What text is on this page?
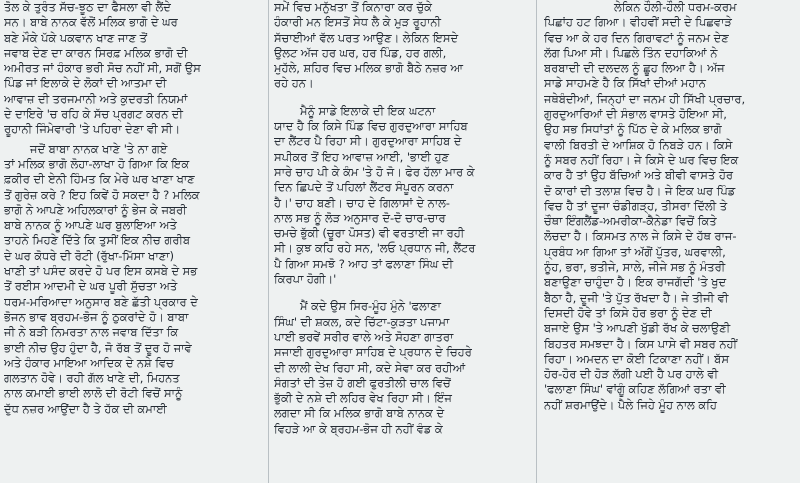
ਤੋਲ ਕੇ ਤੁਰੰਤ ਸੱਚ-ਝੂਠ ਦਾ ਫੈਸਲਾ ਵੀ ਲੈਂਦੇ
ਸਨ। ਬਾਬੇ ਨਾਨਕ ਵੱਲੋਂ ਮਲਿਕ ਭਾਗੋ ਦੇ ਘਰ
ਬਣੇ ਮੌਕੇ ਪੱਕੇ ਪਕਵਾਨ ਖਾਣ ਜਾਣ ਤੋਂ
ਜਵਾਬ ਦੇਣ ਦਾ ਕਾਰਨ ਸਿਰਫ਼ ਮਲਿਕ ਭਾਗੋ ਦੀ
ਅਮੀਰਤ ਜਾਂ ਹੰਕਾਰ ਭਰੀ ਸੋਚ ਨਹੀਂ ਸੀ, ਸਗੋਂ ਉਸ
ਪਿੰਡ ਜਾਂ ਇਲਾਕੇ ਦੇ ਲੋਕਾਂ ਦੀ ਆਤਮਾ ਦੀ
ਆਵਾਜ਼ ਦੀ ਤਰਜਮਾਨੀ ਅਤੇ ਕੁਦਰਤੀ ਨਿਯਮਾਂ
ਦੇ ਦਾਇਰੇ 'ਚ ਰਹਿ ਕੇ ਸੱਚ ਪ੍ਰਗਟ ਕਰਨ ਦੀ
ਰੂਹਾਨੀ ਜਿੰਮੇਵਾਰੀ 'ਤੇ ਪਹਿਰਾ ਦੇਣਾ ਵੀ ਸੀ।
ਜਦੋਂ ਬਾਬਾ ਨਾਨਕ ਖਾਣੇ 'ਤੇ ਨਾ ਗਏ
ਤਾਂ ਮਲਿਕ ਭਾਗੋ ਲੋਹਾ-ਲਾਖਾ ਹੋ ਗਿਆ ਕਿ ਇਕ
ਫ਼ਕੀਰ ਦੀ ਏਨੀ ਹਿੰਮਤ ਕਿ ਮੇਰੇ ਘਰ ਖਾਣਾ ਖਾਣ
ਤੋਂ ਗੁਰੇਜ਼ ਕਰੇ ? ਇਹ ਕਿਵੇਂ ਹੋ ਸਕਦਾ ਹੈ ? ਮਲਿਕ
ਭਾਗੋ ਨੇ ਆਪਣੇ ਅਹਿਲਕਾਰਾਂ ਨੂੰ ਭੇਜ ਕੇ ਜਬਰੀ
ਬਾਬੇ ਨਾਨਕ ਨੂੰ ਆਪਣੇ ਘਰ ਬੁਲਾਇਆ ਅਤੇ
ਤਾਹਨੇ ਮਿਹਣੇ ਦਿੱਤੇ ਕਿ ਤੁਸੀਂ ਇਕ ਨੀਚ ਗਰੀਬ
ਦੇ ਘਰ ਕੋਧਰੇ ਦੀ ਰੋਟੀ (ਰੁੱਖਾ-ਮਿੱਸਾ ਖਾਣਾ)
ਖਾਣੀ ਤਾਂ ਪਸੰਦ ਕਰਦੇ ਹੋ ਪਰ ਇਸ ਕਸਬੇ ਦੇ ਸਭ
ਤੋਂ ਰਈਸ ਆਦਮੀ ਦੇ ਘਰ ਪੂਰੀ ਸੁੱਚਤਾ ਅਤੇ
ਧਰਮ-ਮਰਿਆਦਾ ਅਨੁਸਾਰ ਬਣੇ ਛੱਤੀ ਪ੍ਰਕਾਰ ਦੇ
ਭੋਜਨ ਭਾਵ ਬ੍ਰਹਮ-ਭੋਜ ਨੂੰ ਠੁਕਰਾਂਦੇ ਹੋ। ਬਾਬਾ
ਜੀ ਨੇ ਬੜੀ ਨਿਮਰਤਾ ਨਾਲ ਜਵਾਬ ਦਿੱਤਾ ਕਿ
ਭਾਈ ਨੀਚ ਉਹ ਹੁੰਦਾ ਹੈ, ਜੋ ਰੱਬ ਤੋਂ ਦੂਰ ਹੋ ਜਾਵੇ
ਅਤੇ ਹੰਕਾਰ ਮਾਇਆ ਆਦਿਕ ਦੇ ਨਸ਼ੇ ਵਿਚ
ਗਲਤਾਨ ਹੋਵੇ। ਰਹੀ ਗੱਲ ਖਾਣੇ ਦੀ, ਮਿਹਨਤ
ਨਾਲ ਕਮਾਈ ਭਾਈ ਲਾਲੋ ਦੀ ਰੋਟੀ ਵਿਚੋਂ ਸਾਨੂੰ
ਦੁੱਧ ਨਜ਼ਰ ਆਉਂਦਾ ਹੈ ਤੇ ਹੱਕ ਦੀ ਕਮਾਈ
ਸਮੇਂ ਵਿਚ ਮਨੁੱਖਤਾ ਤੋਂ ਕਿਨਾਰਾ ਕਰ ਚੁੱਕੇ
ਹੰਕਾਰੀ ਮਨ ਇਸਤੋਂ ਸੇਧ ਲੈ ਕੇ ਮੁੜ ਰੂਹਾਨੀ
ਸੱਚਾਈਆਂ ਵੱਲ ਪਰਤ ਆਉਣ। ਲੇਕਿਨ ਇਸਦੇ
ਉਲਟ ਅੱਜ ਹਰ ਘਰ, ਹਰ ਪਿੰਡ, ਹਰ ਗਲੀ,
ਮੁਹੱਲੇ, ਸ਼ਹਿਰ ਵਿਚ ਮਲਿਕ ਭਾਗੋ ਬੈਠੇ ਨਜ਼ਰ ਆ
ਰਹੇ ਹਨ।
ਮੈਨੂੰ ਸਾਡੇ ਇਲਾਕੇ ਦੀ ਇਕ ਘਟਨਾ
ਯਾਦ ਹੈ ਕਿ ਕਿਸੇ ਪਿੰਡ ਵਿਚ ਗੁਰਦੁਆਰਾ ਸਾਹਿਬ
ਦਾ ਲੈਂਟਰ ਪੈ ਰਿਹਾ ਸੀ। ਗੁਰਦੁਆਰਾ ਸਾਹਿਬ ਦੇ
ਸਪੀਕਰ ਤੋਂ ਇਹ ਆਵਾਜ਼ ਆਈ, 'ਭਾਈ ਹੁਣ
ਸਾਰੇ ਚਾਹ ਪੀ ਕੇ ਕੰਮ 'ਤੇ ਹੋ ਜੋ। ਫੇਰ ਹੱਲਾ ਮਾਰ ਕੇ
ਦਿਨ ਛਿਪਦੇ ਤੋਂ ਪਹਿਲਾਂ ਲੈਂਟਰ ਸੰਪੂਰਨ ਕਰਨਾ
ਹੈ।' ਚਾਹ ਬਣੀ। ਚਾਹ ਦੇ ਗਿਲਾਸਾਂ ਦੇ ਨਾਲ-
ਨਾਲ ਸਭ ਨੂੰ ਲੋੜ ਅਨੁਸਾਰ ਦੋ-ਦੋ ਚਾਰ-ਚਾਰ
ਚਮਚੇ ਭੁੱਕੀ (ਚੂਰਾ ਪੋਸਤ) ਵੀ ਵਰਤਾਈ ਜਾ ਰਹੀ
ਸੀ। ਕੁਝ ਕਹਿ ਰਹੇ ਸਨ, 'ਲਓ ਪ੍ਰਧਾਨ ਜੀ, ਲੈਂਟਰ
ਪੈ ਗਿਆ ਸਮਝੋ ? ਆਹ ਤਾਂ ਫਲਾਣਾ ਸਿੰਘ ਦੀ
ਕਿਰਪਾ ਹੋਗੀ।'
ਮੈਂ ਕਦੇ ਉਸ ਸਿਰ-ਮੂੰਹ ਮੁੰਨੇ 'ਫਲਾਣਾ
ਸਿੰਘ' ਦੀ ਸ਼ਕਲ, ਕਦੇ ਚਿੱਟਾ-ਕੁੜਤਾ ਪਜਾਮਾ
ਪਾਈ ਭਰਵੇਂ ਸਰੀਰ ਵਾਲੇ ਅਤੇ ਸੋਹਣਾ ਗਾਤਰਾ
ਸਜਾਈ ਗੁਰਦੁਆਰਾ ਸਾਹਿਬ ਦੇ ਪ੍ਰਧਾਨ ਦੇ ਚਿਹਰੇ
ਦੀ ਲਾਲੀ ਦੇਖ ਰਿਹਾ ਸੀ, ਕਦੇ ਸੇਵਾ ਕਰ ਰਹੀਆਂ
ਸੰਗਤਾਂ ਦੀ ਤੇਜ਼ ਹੋ ਗਈ ਫੁਰਤੀਲੀ ਚਾਲ ਵਿਚੋਂ
ਭੁੱਕੀ ਦੇ ਨਸ਼ੇ ਦੀ ਲਹਿਰ ਵੇਖ ਰਿਹਾ ਸੀ। ਇੰਜ
ਲਗਦਾ ਸੀ ਕਿ ਮਲਿਕ ਭਾਗੋ ਬਾਬੇ ਨਾਨਕ ਦੇ
ਵਿਹੜੇ ਆ ਕੇ ਬ੍ਰਹਮ-ਭੋਜ ਹੀ ਨਹੀਂ ਵੰਡ ਕੇ
ਲੇਕਿਨ ਹੌਲੀ-ਹੌਲੀ ਧਰਮ-ਕਰਮ
ਪਿਛਾਂਹ ਹਟ ਗਿਆ। ਵੀਹਵੀਂ ਸਦੀ ਦੇ ਪਿਛਵਾੜੇ
ਵਿਚ ਆ ਕੇ ਹਰ ਦਿਨ ਗਿਰਾਵਟਾਂ ਨੂੰ ਜਨਮ ਦੇਣ
ਲੱਗ ਪਿਆ ਸੀ। ਪਿਛਲੇ ਤਿੰਨ ਦਹਾਕਿਆਂ ਨੇ
ਬਰਬਾਦੀ ਦੀ ਦਲਦਲ ਨੂੰ ਛੂਹ ਲਿਆ ਹੈ। ਅੱਜ
ਸਾਡੇ ਸਾਹਮਣੇ ਹੈ ਕਿ ਸਿੱਖਾਂ ਦੀਆਂ ਮਹਾਨ
ਜਥੇਬੰਦੀਆਂ, ਜਿਨ੍ਹਾਂ ਦਾ ਜਨਮ ਹੀ ਸਿੱਖੀ ਪ੍ਰਚਾਰ,
ਗੁਰਦੁਆਰਿਆਂ ਦੀ ਸੰਭਾਲ ਵਾਸਤੇ ਹੋਇਆ ਸੀ,
ਉਹ ਸਭ ਸਿਧਾਂਤਾਂ ਨੂੰ ਪਿੱਠ ਦੇ ਕੇ ਮਲਿਕ ਭਾਗੋ
ਵਾਲੀ ਬਿਰਤੀ ਦੇ ਆਸ਼ਿਕ ਹੋ ਨਿਬੜੇ ਹਨ। ਕਿਸੇ
ਨੂੰ ਸਬਰ ਨਹੀਂ ਰਿਹਾ। ਜੇ ਕਿਸੇ ਦੇ ਘਰ ਵਿਚ ਇਕ
ਕਾਰ ਹੈ ਤਾਂ ਉਹ ਬੱਚਿਆਂ ਅਤੇ ਬੀਵੀ ਵਾਸਤੇ ਹੋਰ
ਦੋ ਕਾਰਾਂ ਦੀ ਤਲਾਸ਼ ਵਿਚ ਹੈ। ਜੇ ਇਕ ਘਰ ਪਿੰਡ
ਵਿਚ ਹੈ ਤਾਂ ਦੂਜਾ ਚੰਡੀਗੜ੍ਹ, ਤੀਸਰਾ ਦਿੱਲੀ ਤੇ
ਚੌਥਾ ਇੰਗਲੈਂਡ-ਅਮਰੀਕਾ-ਕੈਨੇਡਾ ਵਿਚੋਂ ਕਿਤੇ
ਲੋਚਦਾ ਹੈ। ਕਿਸਮਤ ਨਾਲ ਜੇ ਕਿਸੇ ਦੇ ਹੱਥ ਰਾਜ-
ਪ੍ਰਬੰਧ ਆ ਗਿਆ ਤਾਂ ਅੱਗੋਂ ਪੁੱਤਰ, ਘਰਵਾਲੀ,
ਨੂੰਹ, ਭਰਾ, ਭਤੀਜੇ, ਸਾਲੇ, ਜੀਜੇ ਸਭ ਨੂੰ ਮੰਤਰੀ
ਬਣਾਉਣਾ ਚਾਹੁੰਦਾ ਹੈ। ਇਕ ਰਾਜਗੱਦੀ 'ਤੇ ਖੁਦ
ਬੈਠਾ ਹੈ, ਦੂਜੀ 'ਤੇ ਪੁੱਤ ਰੱਖਦਾ ਹੈ। ਜੇ ਤੀਜੀ ਵੀ
ਦਿਸਦੀ ਹੋਵੇ ਤਾਂ ਕਿਸੇ ਹੋਰ ਭਰਾ ਨੂੰ ਦੇਣ ਦੀ
ਬਜਾਏ ਉਸ 'ਤੇ ਆਪਣੀ ਖੁੱਡੀ ਰੱਖ ਕੇ ਚਲਾਉਣੀ
ਬਿਹਤਰ ਸਮਝਦਾ ਹੈ। ਕਿਸ ਪਾਸੇ ਵੀ ਸਬਰ ਨਹੀਂ
ਰਿਹਾ। ਅਮਦਨ ਦਾ ਕੋਈ ਟਿਕਾਣਾ ਨਹੀਂ। ਬੱਸ
ਹੋਰ-ਹੋਰ ਦੀ ਹੋੜ ਲੱਗੀ ਪਈ ਹੈ ਪਰ ਹਾਲੇ ਵੀ
'ਫਲਾਣਾ ਸਿੰਘ' ਵਾਂਗੂੰ ਕਹਿਣ ਲੱਗਿਆਂ ਰਤਾ ਵੀ
ਨਹੀਂ ਸ਼ਰਮਾਉਂਦੇ। ਪੈਲੇ ਜਿਹੇ ਮੂੰਹ ਨਾਲ ਕਹਿ
